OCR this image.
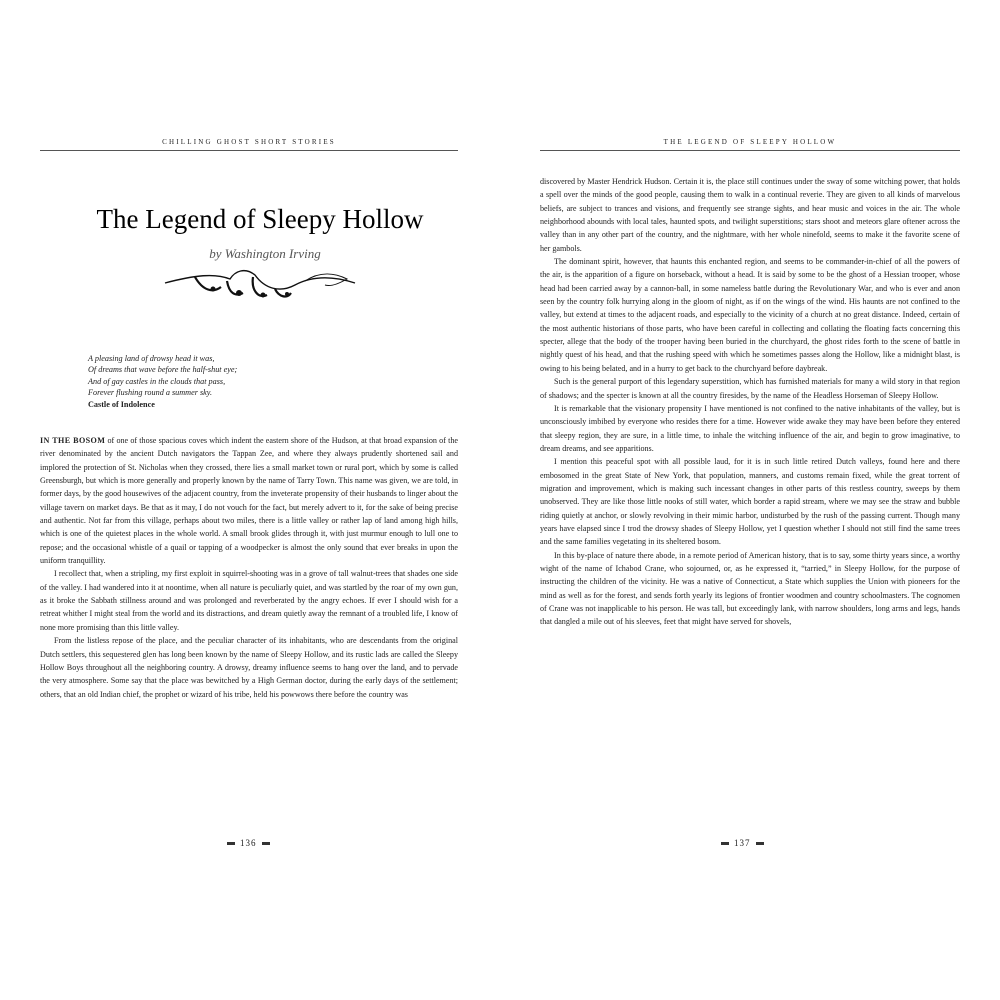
CHILLING GHOST SHORT STORIES
The Legend of Sleepy Hollow
by Washington Irving
A pleasing land of drowsy head it was,
Of dreams that wave before the half-shut eye;
And of gay castles in the clouds that pass,
Forever flushing round a summer sky.
Castle of Indolence

IN THE BOSOM of one of those spacious coves which indent the eastern shore of the Hudson, at that broad expansion of the river denominated by the ancient Dutch navigators the Tappan Zee, and where they always prudently shortened sail and implored the protection of St. Nicholas when they crossed, there lies a small market town or rural port, which by some is called Greensburgh, but which is more generally and properly known by the name of Tarry Town. This name was given, we are told, in former days, by the good housewives of the adjacent country, from the inveterate propensity of their husbands to linger about the village tavern on market days. Be that as it may, I do not vouch for the fact, but merely advert to it, for the sake of being precise and authentic. Not far from this village, perhaps about two miles, there is a little valley or rather lap of land among high hills, which is one of the quietest places in the whole world. A small brook glides through it, with just murmur enough to lull one to repose; and the occasional whistle of a quail or tapping of a woodpecker is almost the only sound that ever breaks in upon the uniform tranquillity.

I recollect that, when a stripling, my first exploit in squirrel-shooting was in a grove of tall walnut-trees that shades one side of the valley. I had wandered into it at noontime, when all nature is peculiarly quiet, and was startled by the roar of my own gun, as it broke the Sabbath stillness around and was prolonged and reverberated by the angry echoes. If ever I should wish for a retreat whither I might steal from the world and its distractions, and dream quietly away the remnant of a troubled life, I know of none more promising than this little valley.

From the listless repose of the place, and the peculiar character of its inhabitants, who are descendants from the original Dutch settlers, this sequestered glen has long been known by the name of Sleepy Hollow, and its rustic lads are called the Sleepy Hollow Boys throughout all the neighboring country. A drowsy, dreamy influence seems to hang over the land, and to pervade the very atmosphere. Some say that the place was bewitched by a High German doctor, during the early days of the settlement; others, that an old Indian chief, the prophet or wizard of his tribe, held his powwows there before the country was

136
THE LEGEND OF SLEEPY HOLLOW

discovered by Master Hendrick Hudson. Certain it is, the place still continues under the sway of some witching power, that holds a spell over the minds of the good people, causing them to walk in a continual reverie. They are given to all kinds of marvelous beliefs, are subject to trances and visions, and frequently see strange sights, and hear music and voices in the air. The whole neighborhood abounds with local tales, haunted spots, and twilight superstitions; stars shoot and meteors glare oftener across the valley than in any other part of the country, and the nightmare, with her whole ninefold, seems to make it the favorite scene of her gambols.

The dominant spirit, however, that haunts this enchanted region, and seems to be commander-in-chief of all the powers of the air, is the apparition of a figure on horseback, without a head. It is said by some to be the ghost of a Hessian trooper, whose head had been carried away by a cannon-ball, in some nameless battle during the Revolutionary War, and who is ever and anon seen by the country folk hurrying along in the gloom of night, as if on the wings of the wind. His haunts are not confined to the valley, but extend at times to the adjacent roads, and especially to the vicinity of a church at no great distance. Indeed, certain of the most authentic historians of those parts, who have been careful in collecting and collating the floating facts concerning this specter, allege that the body of the trooper having been buried in the churchyard, the ghost rides forth to the scene of battle in nightly quest of his head, and that the rushing speed with which he sometimes passes along the Hollow, like a midnight blast, is owing to his being belated, and in a hurry to get back to the churchyard before daybreak.

Such is the general purport of this legendary superstition, which has furnished materials for many a wild story in that region of shadows; and the specter is known at all the country firesides, by the name of the Headless Horseman of Sleepy Hollow.

It is remarkable that the visionary propensity I have mentioned is not confined to the native inhabitants of the valley, but is unconsciously imbibed by everyone who resides there for a time. However wide awake they may have been before they entered that sleepy region, they are sure, in a little time, to inhale the witching influence of the air, and begin to grow imaginative, to dream dreams, and see apparitions.

I mention this peaceful spot with all possible laud, for it is in such little retired Dutch valleys, found here and there embosomed in the great State of New York, that population, manners, and customs remain fixed, while the great torrent of migration and improvement, which is making such incessant changes in other parts of this restless country, sweeps by them unobserved. They are like those little nooks of still water, which border a rapid stream, where we may see the straw and bubble riding quietly at anchor, or slowly revolving in their mimic harbor, undisturbed by the rush of the passing current. Though many years have elapsed since I trod the drowsy shades of Sleepy Hollow, yet I question whether I should not still find the same trees and the same families vegetating in its sheltered bosom.

In this by-place of nature there abode, in a remote period of American history, that is to say, some thirty years since, a worthy wight of the name of Ichabod Crane, who sojourned, or, as he expressed it, “tarried,” in Sleepy Hollow, for the purpose of instructing the children of the vicinity. He was a native of Connecticut, a State which supplies the Union with pioneers for the mind as well as for the forest, and sends forth yearly its legions of frontier woodmen and country schoolmasters. The cognomen of Crane was not inapplicable to his person. He was tall, but exceedingly lank, with narrow shoulders, long arms and legs, hands that dangled a mile out of his sleeves, feet that might have served for shovels,

137
